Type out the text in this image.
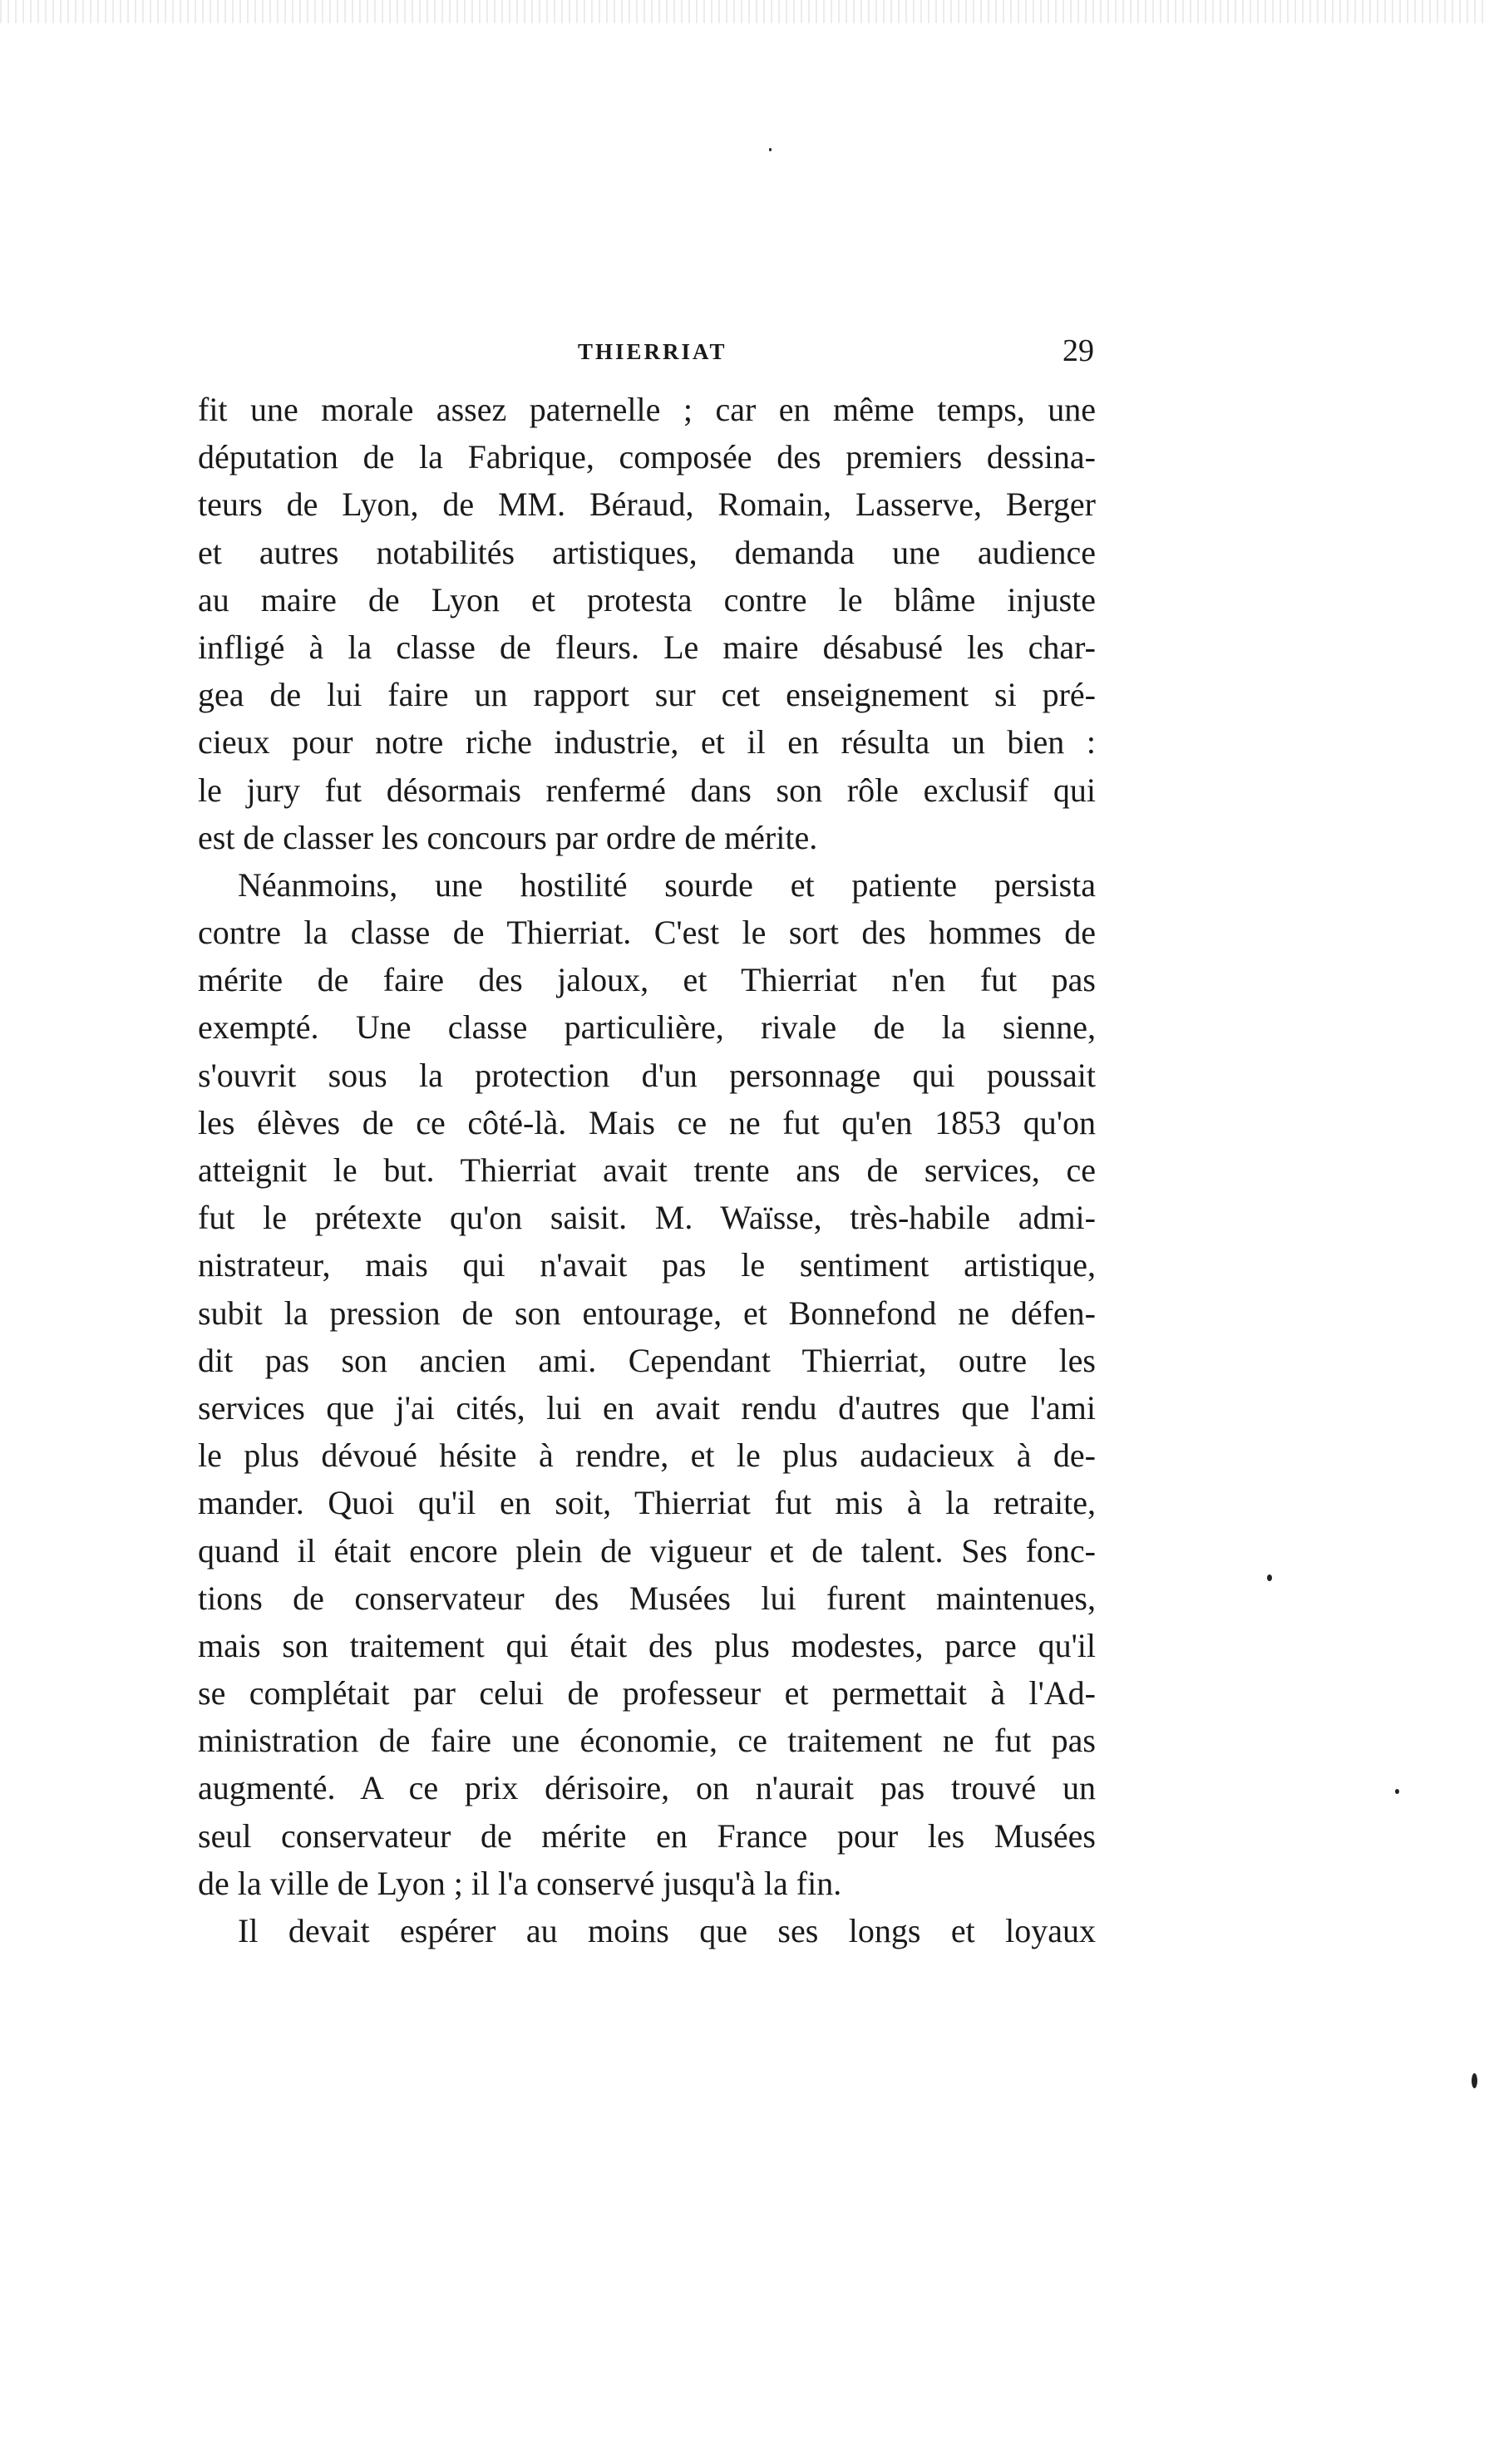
THIERRIAT	29
fit une morale assez paternelle ; car en même temps, une
députation de la Fabrique, composée des premiers dessina-
teurs de Lyon, de MM. Béraud, Romain, Lasserve, Berger
et autres notabilités artistiques, demanda une audience
au maire de Lyon et protesta contre le blâme injuste
infligé à la classe de fleurs. Le maire désabusé les char-
gea de lui faire un rapport sur cet enseignement si pré-
cieux pour notre riche industrie, et il en résulta un bien :
le jury fut désormais renfermé dans son rôle exclusif qui
est de classer les concours par ordre de mérite.
Néanmoins, une hostilité sourde et patiente persista
contre la classe de Thierriat. C'est le sort des hommes de
mérite de faire des jaloux, et Thierriat n'en fut pas
exempté. Une classe particulière, rivale de la sienne,
s'ouvrit sous la protection d'un personnage qui poussait
les élèves de ce côté-là. Mais ce ne fut qu'en 1853 qu'on
atteignit le but. Thierriat avait trente ans de services, ce
fut le prétexte qu'on saisit. M. Waïsse, très-habile admi-
nistrateur, mais qui n'avait pas le sentiment artistique,
subit la pression de son entourage, et Bonnefond ne défen-
dit pas son ancien ami. Cependant Thierriat, outre les
services que j'ai cités, lui en avait rendu d'autres que l'ami
le plus dévoué hésite à rendre, et le plus audacieux à de-
mander. Quoi qu'il en soit, Thierriat fut mis à la retraite,
quand il était encore plein de vigueur et de talent. Ses fonc-
tions de conservateur des Musées lui furent maintenues,
mais son traitement qui était des plus modestes, parce qu'il
se complétait par celui de professeur et permettait à l'Ad-
ministration de faire une économie, ce traitement ne fut pas
augmenté. A ce prix dérisoire, on n'aurait pas trouvé un
seul conservateur de mérite en France pour les Musées
de la ville de Lyon ; il l'a conservé jusqu'à la fin.
Il devait espérer au moins que ses longs et loyaux
